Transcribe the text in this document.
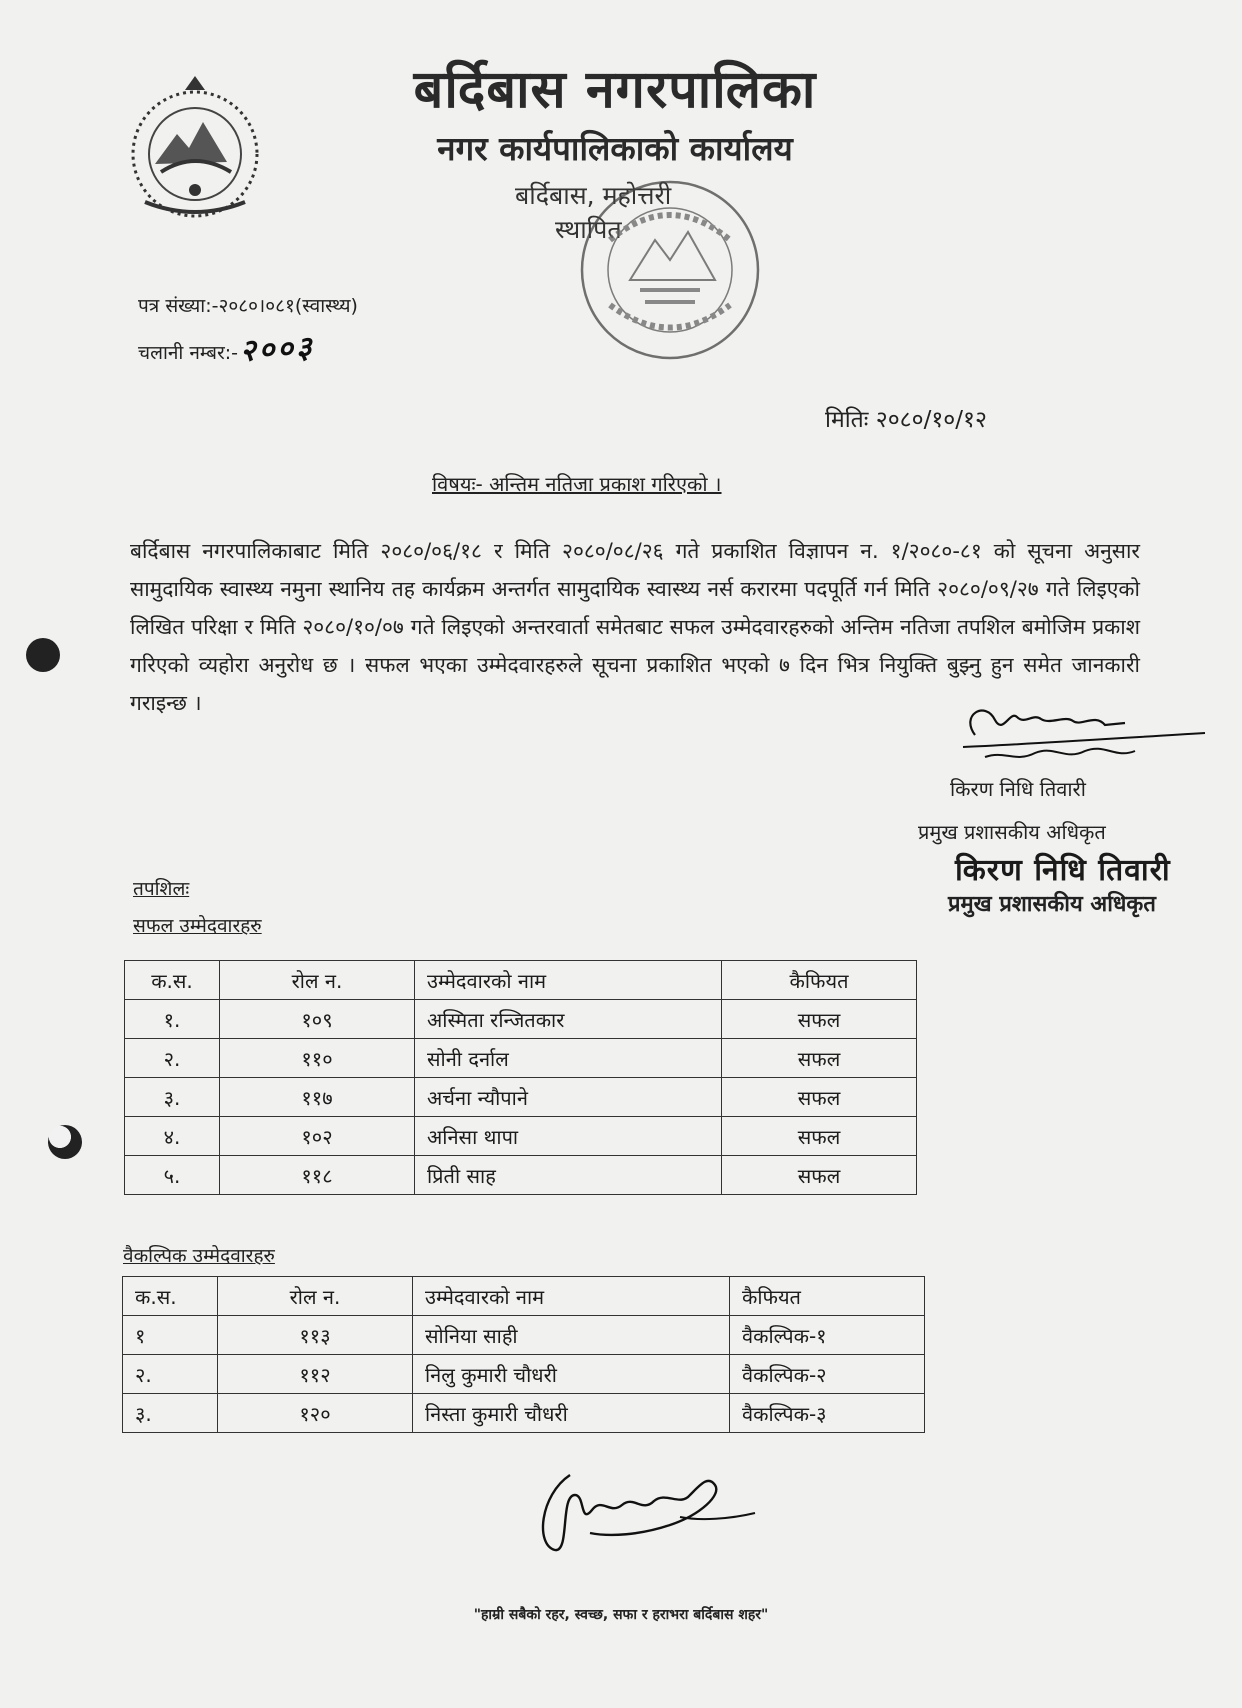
बर्दिबास नगरपालिका
नगर कार्यपालिकाको कार्यालय
बर्दिबास, महोत्तरी
स्थापित
पत्र संख्या:-२०८०।०८१(स्वास्थ्य)
चलानी नम्बर:-२००३
मितिः २०८०/१०/१२
विषयः- अन्तिम नतिजा प्रकाश गरिएको ।
बर्दिबास नगरपालिकाबाट मिति २०८०/०६/१८ र मिति २०८०/०८/२६ गते प्रकाशित विज्ञापन न. १/२०८०-८१ को सूचना अनुसार सामुदायिक स्वास्थ्य नमुना स्थानिय तह कार्यक्रम अन्तर्गत सामुदायिक स्वास्थ्य नर्स करारमा पदपूर्ति गर्न मिति २०८०/०९/२७ गते लिइएको लिखित परिक्षा र मिति २०८०/१०/०७ गते लिइएको अन्तरवार्ता समेतबाट सफल उम्मेदवारहरुको अन्तिम नतिजा तपशिल बमोजिम प्रकाश गरिएको व्यहोरा अनुरोध छ । सफल भएका उम्मेदवारहरुले सूचना प्रकाशित भएको ७ दिन भित्र नियुक्ति बुझ्नु हुन समेत जानकारी गराइन्छ ।
किरण निधि तिवारी
प्रमुख प्रशासकीय अधिकृत
किरण निधि तिवारी
प्रमुख प्रशासकीय अधिकृत
तपशिलः
सफल उम्मेदवारहरु
क.स.	रोल न.	उम्मेदवारको नाम	कैफियत
१.	१०९	अस्मिता रन्जितकार	सफल
२.	११०	सोनी दर्नाल	सफल
३.	११७	अर्चना न्यौपाने	सफल
४.	१०२	अनिसा थापा	सफल
५.	११८	प्रिती साह	सफल
वैकल्पिक उम्मेदवारहरु
क.स.	रोल न.	उम्मेदवारको नाम	कैफियत
१	११३	सोनिया साही	वैकल्पिक-१
२.	११२	निलु कुमारी चौधरी	वैकल्पिक-२
३.	१२०	निस्ता कुमारी चौधरी	वैकल्पिक-३
"हाम्री सबैको रहर, स्वच्छ, सफा र हराभरा बर्दिबास शहर"
